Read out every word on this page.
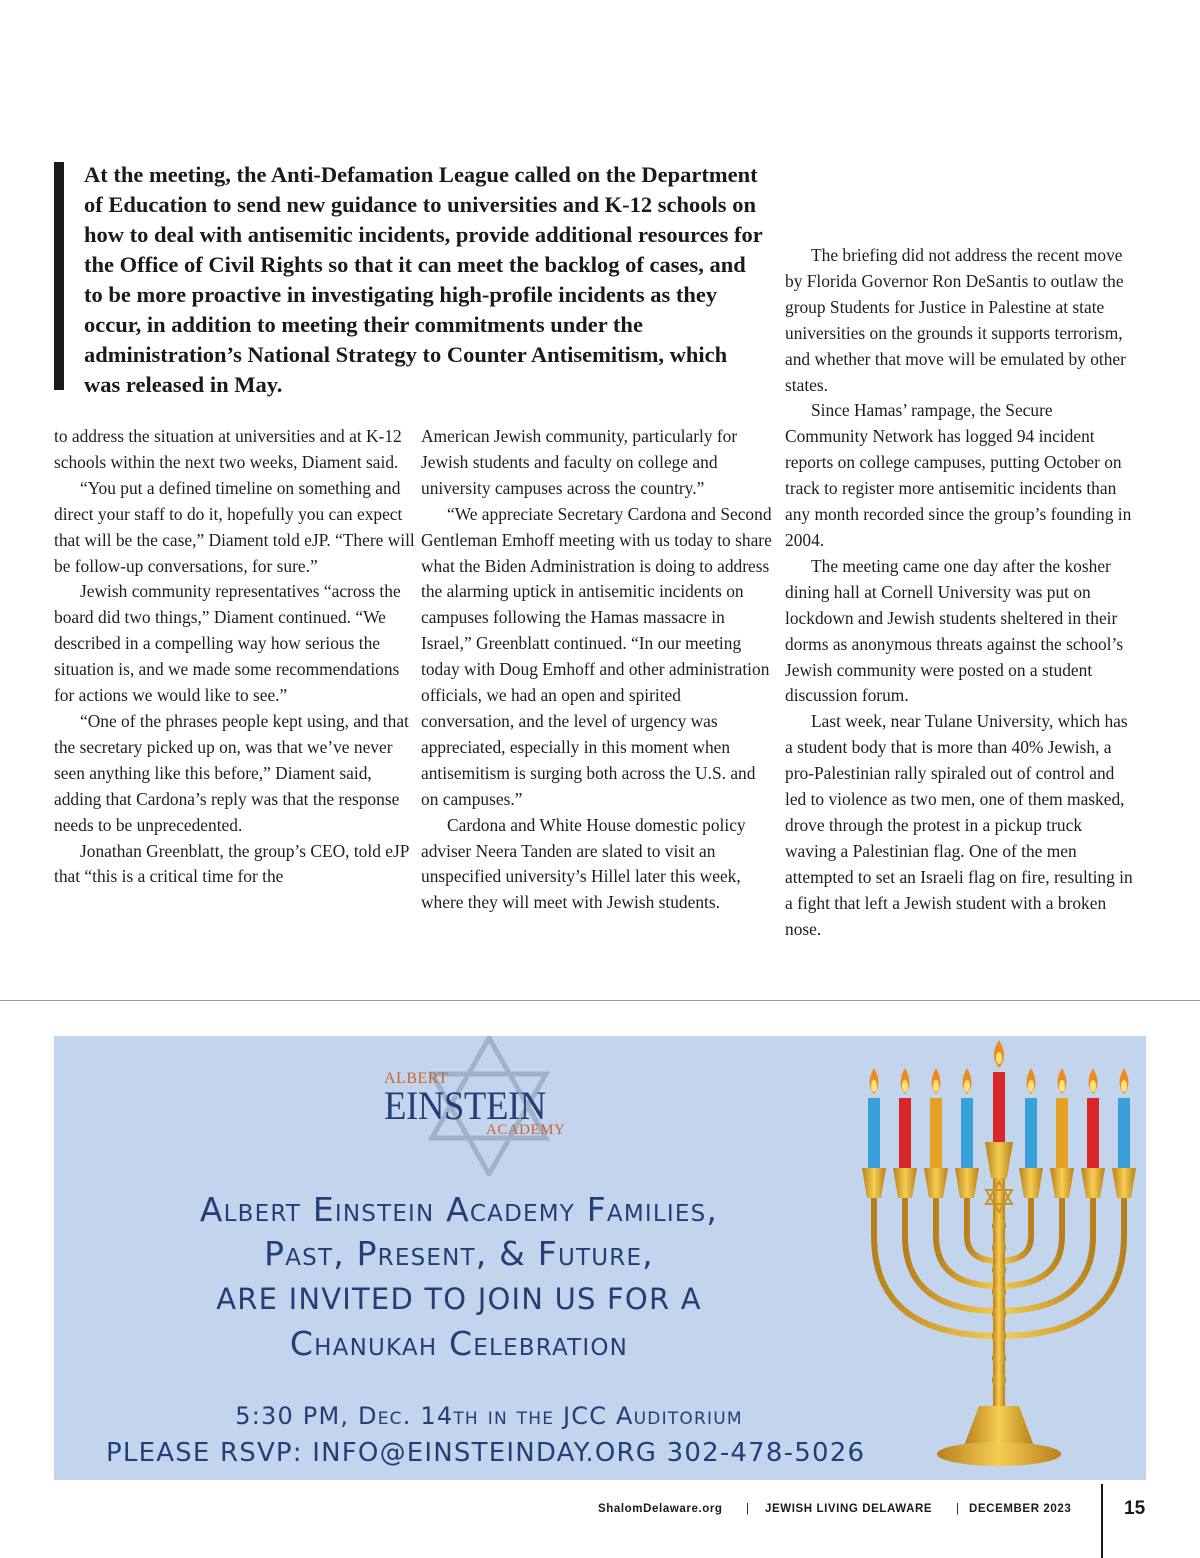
At the meeting, the Anti-Defamation League called on the Department of Education to send new guidance to universities and K-12 schools on how to deal with antisemitic incidents, provide additional resources for the Office of Civil Rights so that it can meet the backlog of cases, and to be more proactive in investigating high-profile incidents as they occur, in addition to meeting their commitments under the administration’s National Strategy to Counter Antisemitism, which was released in May.

to address the situation at universities and at K-12 schools within the next two weeks, Diament said.

“You put a defined timeline on something and direct your staff to do it, hopefully you can expect that will be the case,” Diament told eJP. “There will be follow-up conversations, for sure.”

Jewish community representatives “across the board did two things,” Diament continued. “We described in a compelling way how serious the situation is, and we made some recommendations for actions we would like to see.”

“One of the phrases people kept using, and that the secretary picked up on, was that we’ve never seen anything like this before,” Diament said, adding that Cardona’s reply was that the response needs to be unprecedented.

Jonathan Greenblatt, the group’s CEO, told eJP that “this is a critical time for the

American Jewish community, particularly for Jewish students and faculty on college and university campuses across the country.”

“We appreciate Secretary Cardona and Second Gentleman Emhoff meeting with us today to share what the Biden Administration is doing to address the alarming uptick in antisemitic incidents on campuses following the Hamas massacre in Israel,” Greenblatt continued. “In our meeting today with Doug Emhoff and other administration officials, we had an open and spirited conversation, and the level of urgency was appreciated, especially in this moment when antisemitism is surging both across the U.S. and on campuses.”

Cardona and White House domestic policy adviser Neera Tanden are slated to visit an unspecified university’s Hillel later this week, where they will meet with Jewish students.

The briefing did not address the recent move by Florida Governor Ron DeSantis to outlaw the group Students for Justice in Palestine at state universities on the grounds it supports terrorism, and whether that move will be emulated by other states.

Since Hamas’ rampage, the Secure Community Network has logged 94 incident reports on college campuses, putting October on track to register more antisemitic incidents than any month recorded since the group’s founding in 2004.

The meeting came one day after the kosher dining hall at Cornell University was put on lockdown and Jewish students sheltered in their dorms as anonymous threats against the school’s Jewish community were posted on a student discussion forum.

Last week, near Tulane University, which has a student body that is more than 40% Jewish, a pro-Palestinian rally spiraled out of control and led to violence as two men, one of them masked, drove through the protest in a pickup truck waving a Palestinian flag. One of the men attempted to set an Israeli flag on fire, resulting in a fight that left a Jewish student with a broken nose.

ALBERT
EINSTEIN
ACADEMY
Albert Einstein Academy Families,
Past, Present, & Future,
ARE INVITED TO JOIN US FOR A
Chanukah Celebration
5:30 PM, Dec. 14th in the JCC Auditorium
PLEASE RSVP: INFO@EINSTEINDAY.ORG 302-478-5026
ShalomDelaware.org | JEWISH LIVING DELAWARE | DECEMBER 2023	15
